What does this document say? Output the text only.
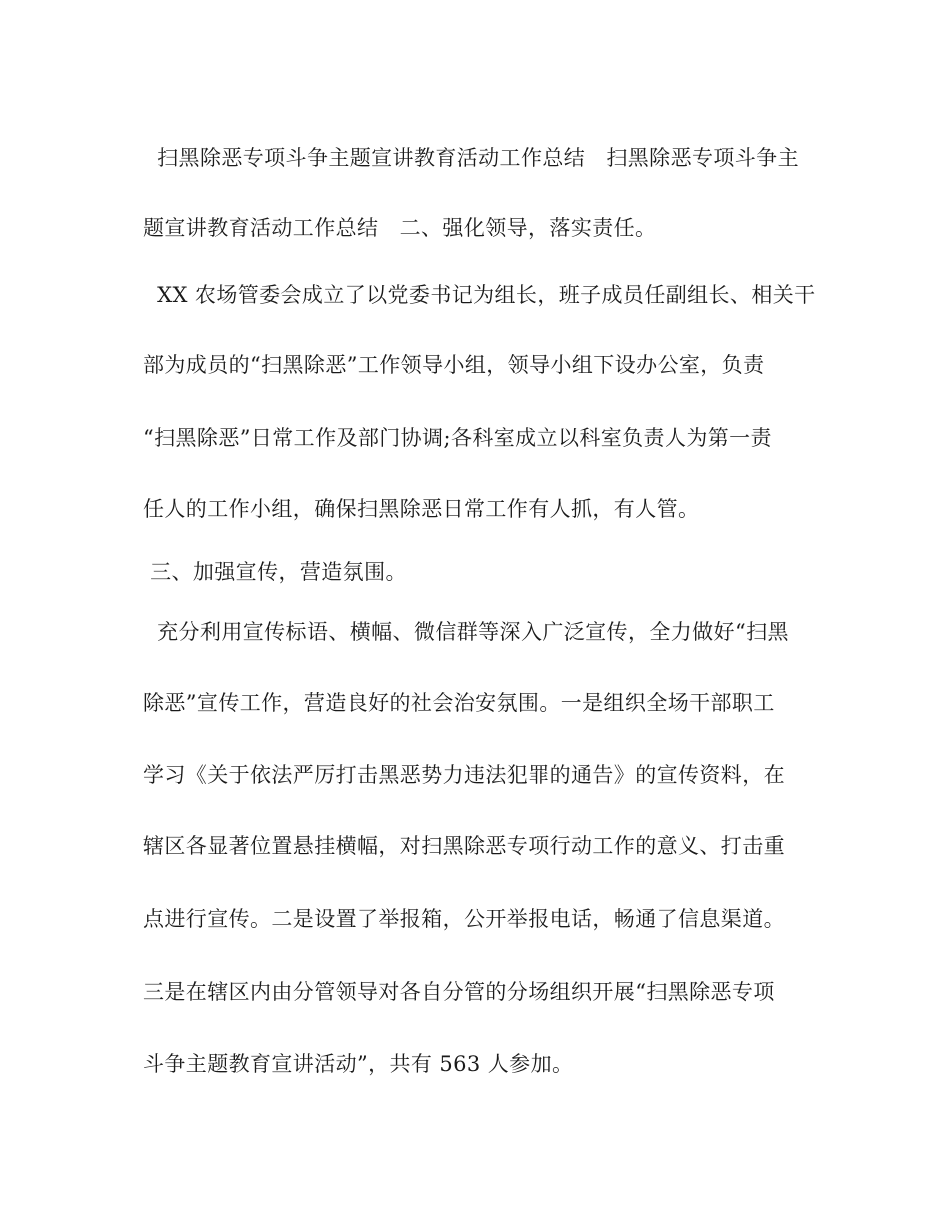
扫黑除恶专项斗争主题宣讲教育活动工作总结   扫黑除恶专项斗争主
题宣讲教育活动工作总结   二、强化领导，落实责任。
XX 农场管委会成立了以党委书记为组长，班子成员任副组长、相关干
部为成员的“扫黑除恶”工作领导小组，领导小组下设办公室，负责
“扫黑除恶”日常工作及部门协调;各科室成立以科室负责人为第一责
任人的工作小组，确保扫黑除恶日常工作有人抓，有人管。
三、加强宣传，营造氛围。
充分利用宣传标语、横幅、微信群等深入广泛宣传，全力做好“扫黑
除恶”宣传工作，营造良好的社会治安氛围。一是组织全场干部职工
学习《关于依法严厉打击黑恶势力违法犯罪的通告》的宣传资料，在
辖区各显著位置悬挂横幅，对扫黑除恶专项行动工作的意义、打击重
点进行宣传。二是设置了举报箱，公开举报电话，畅通了信息渠道。
三是在辖区内由分管领导对各自分管的分场组织开展“扫黑除恶专项
斗争主题教育宣讲活动”，共有 563 人参加。
